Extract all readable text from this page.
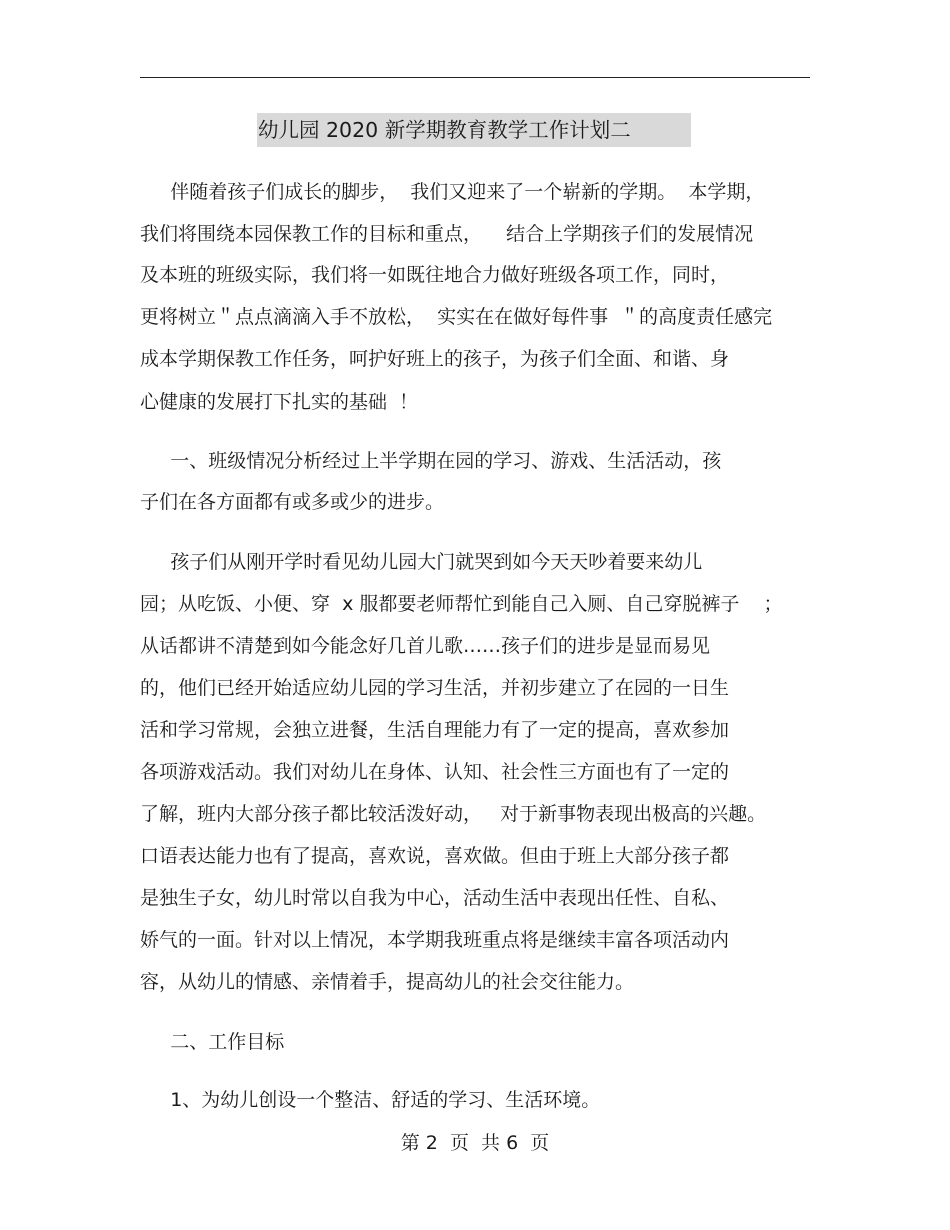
幼儿园 2020 新学期教育教学工作计划二
伴随着孩子们成长的脚步，  我们又迎来了一个崭新的学期。  本学期，
我们将围绕本园保教工作的目标和重点，    结合上学期孩子们的发展情况
及本班的班级实际，我们将一如既往地合力做好班级各项工作，同时，
更将树立＂点点滴滴入手不放松，  实实在在做好每件事  ＂的高度责任感完
成本学期保教工作任务，呵护好班上的孩子，为孩子们全面、和谐、身
心健康的发展打下扎实的基础  ！
一、班级情况分析经过上半学期在园的学习、游戏、生活活动，孩
子们在各方面都有或多或少的进步。
孩子们从刚开学时看见幼儿园大门就哭到如今天天吵着要来幼儿
园；从吃饭、小便、穿  x 服都要老师帮忙到能自己入厕、自己穿脱裤子    ；
从话都讲不清楚到如今能念好几首儿歌……孩子们的进步是显而易见
的，他们已经开始适应幼儿园的学习生活，并初步建立了在园的一日生
活和学习常规，会独立进餐，生活自理能力有了一定的提高，喜欢参加
各项游戏活动。我们对幼儿在身体、认知、社会性三方面也有了一定的
了解，班内大部分孩子都比较活泼好动，   对于新事物表现出极高的兴趣。
口语表达能力也有了提高，喜欢说，喜欢做。但由于班上大部分孩子都
是独生子女，幼儿时常以自我为中心，活动生活中表现出任性、自私、
娇气的一面。针对以上情况，本学期我班重点将是继续丰富各项活动内
容，从幼儿的情感、亲情着手，提高幼儿的社会交往能力。
二、工作目标
1、为幼儿创设一个整洁、舒适的学习、生活环境。
第 2  页  共 6  页
